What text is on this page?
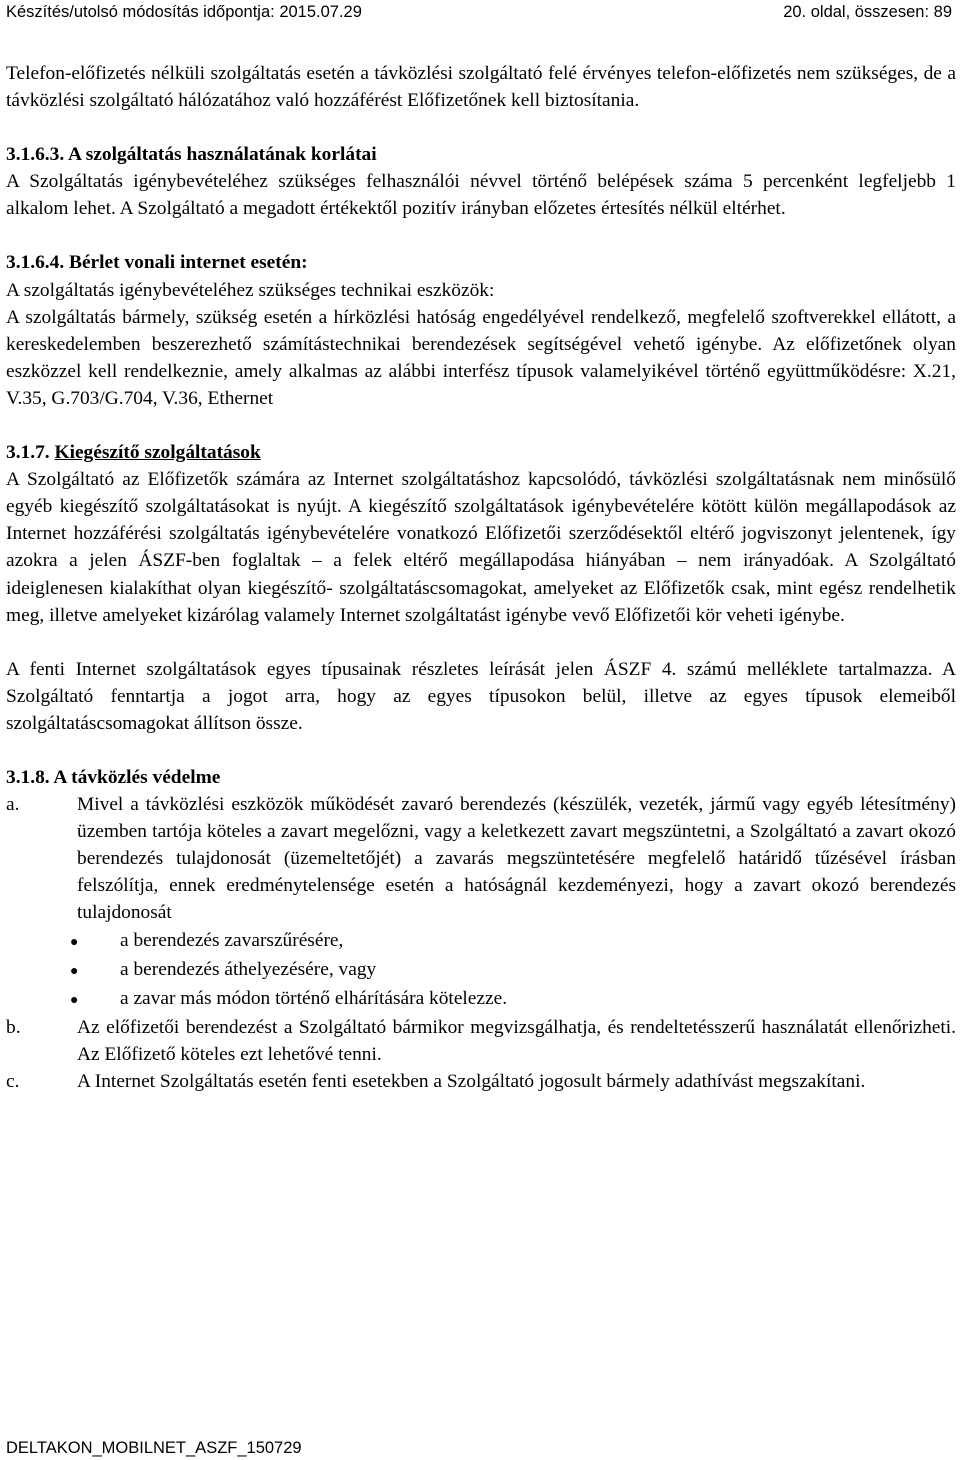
Készítés/utolsó módosítás időpontja: 2015.07.29	20. oldal, összesen: 89

Telefon-előfizetés nélküli szolgáltatás esetén a távközlési szolgáltató felé érvényes telefon-előfizetés nem szükséges, de a távközlési szolgáltató hálózatához való hozzáférést Előfizetőnek kell biztosítania.

3.1.6.3. A szolgáltatás használatának korlátai

A Szolgáltatás igénybevételéhez szükséges felhasználói névvel történő belépések száma 5 percenként legfeljebb 1 alkalom lehet. A Szolgáltató a megadott értékektől pozitív irányban előzetes értesítés nélkül eltérhet.

3.1.6.4. Bérlet vonali internet esetén:

A szolgáltatás igénybevételéhez szükséges technikai eszközök:

A szolgáltatás bármely, szükség esetén a hírközlési hatóság engedélyével rendelkező, megfelelő szoftverekkel ellátott, a kereskedelemben beszerezhető számítástechnikai berendezések segítségével vehető igénybe. Az előfizetőnek olyan eszközzel kell rendelkeznie, amely alkalmas az alábbi interfész típusok valamelyikével történő együttműködésre: X.21, V.35, G.703/G.704, V.36, Ethernet

3.1.7. Kiegészítő szolgáltatások

A Szolgáltató az Előfizetők számára az Internet szolgáltatáshoz kapcsolódó, távközlési szolgáltatásnak nem minősülő egyéb kiegészítő szolgáltatásokat is nyújt. A kiegészítő szolgáltatások igénybevételére kötött külön megállapodások az Internet hozzáférési szolgáltatás igénybevételére vonatkozó Előfizetői szerződésektől eltérő jogviszonyt jelentenek, így azokra a jelen ÁSZF-ben foglaltak – a felek eltérő megállapodása hiányában – nem irányadóak. A Szolgáltató ideiglenesen kialakíthat olyan kiegészítő- szolgáltatáscsomagokat, amelyeket az Előfizetők csak, mint egész rendelhetik meg, illetve amelyeket kizárólag valamely Internet szolgáltatást igénybe vevő Előfizetői kör veheti igénybe.

A fenti Internet szolgáltatások egyes típusainak részletes leírását jelen ÁSZF 4. számú melléklete tartalmazza. A Szolgáltató fenntartja a jogot arra, hogy az egyes típusokon belül, illetve az egyes típusok elemeiből szolgáltatáscsomagokat állítson össze.

3.1.8. A távközlés védelme
a.	Mivel a távközlési eszközök működését zavaró berendezés (készülék, vezeték, jármű vagy egyéb létesítmény) üzemben tartója köteles a zavart megelőzni, vagy a keletkezett zavart megszüntetni, a Szolgáltató a zavart okozó berendezés tulajdonosát (üzemeltetőjét) a zavarás megszüntetésére megfelelő határidő tűzésével írásban felszólítja, ennek eredménytelensége esetén a hatóságnál kezdeményezi, hogy a zavart okozó berendezés tulajdonosát
●	a berendezés zavarszűrésére,
●	a berendezés áthelyezésére, vagy
●	a zavar más módon történő elhárítására kötelezze.
b.	Az előfizetői berendezést a Szolgáltató bármikor megvizsgálhatja, és rendeltetésszerű használatát ellenőrizheti. Az Előfizető köteles ezt lehetővé tenni.
c.	A Internet Szolgáltatás esetén fenti esetekben a Szolgáltató jogosult bármely adathívást megszakítani.
DELTAKON_MOBILNET_ASZF_150729
